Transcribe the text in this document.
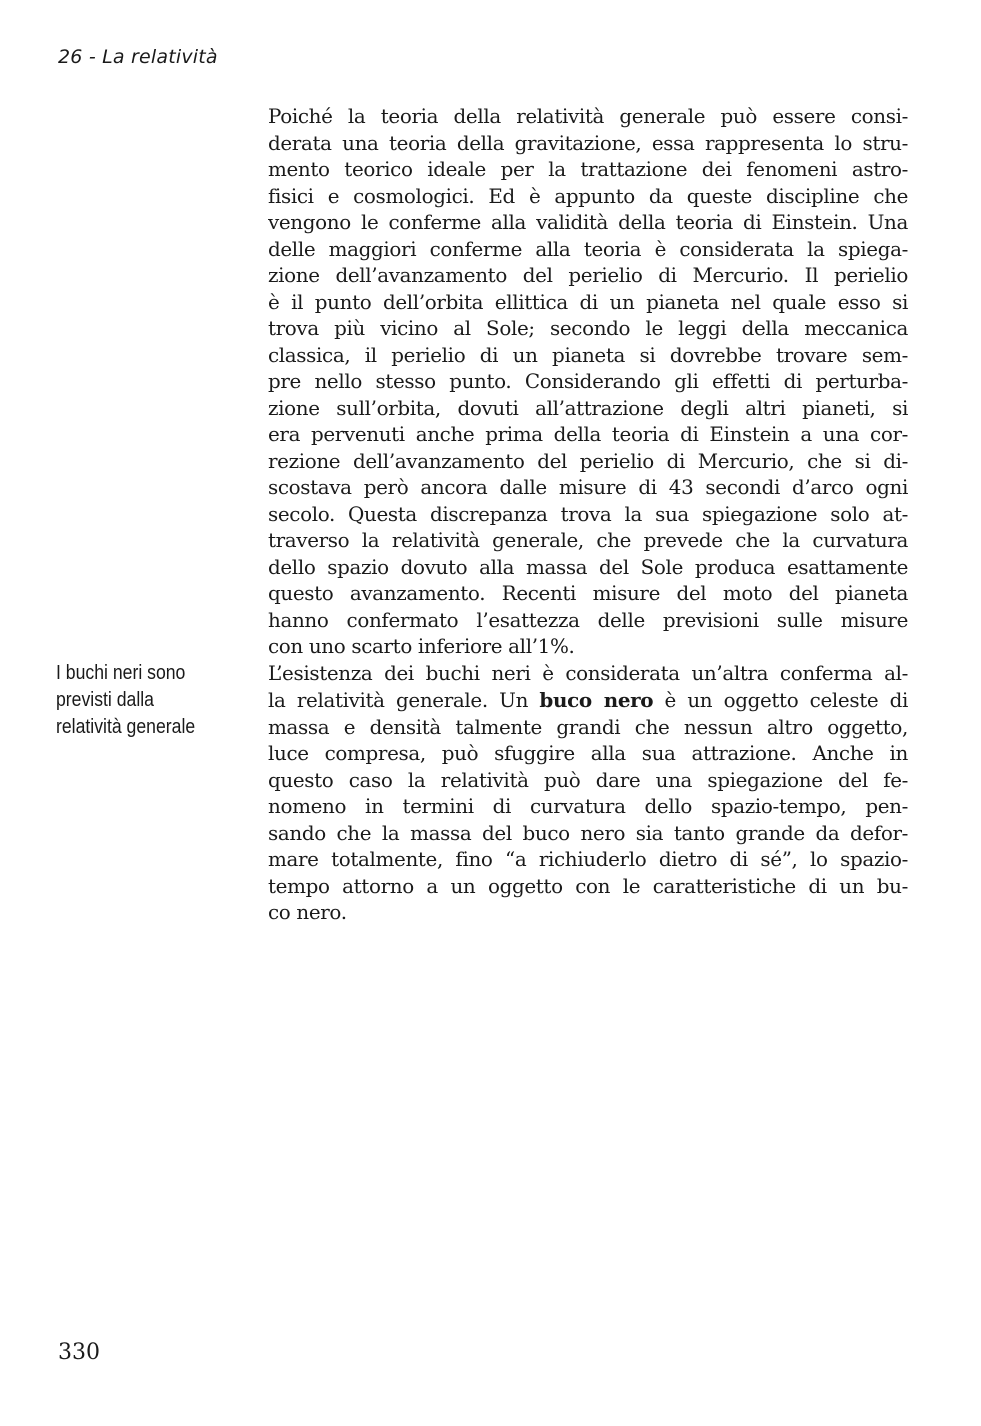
26 - La relatività
I buchi neri sono
previsti dalla
relatività generale
Poiché la teoria della relatività generale può essere consi-
derata una teoria della gravitazione, essa rappresenta lo stru-
mento teorico ideale per la trattazione dei fenomeni astro-
fisici e cosmologici. Ed è appunto da queste discipline che
vengono le conferme alla validità della teoria di Einstein. Una
delle maggiori conferme alla teoria è considerata la spiega-
zione dell’avanzamento del perielio di Mercurio. Il perielio
è il punto dell’orbita ellittica di un pianeta nel quale esso si
trova più vicino al Sole; secondo le leggi della meccanica
classica, il perielio di un pianeta si dovrebbe trovare sem-
pre nello stesso punto. Considerando gli effetti di perturba-
zione sull’orbita, dovuti all’attrazione degli altri pianeti, si
era pervenuti anche prima della teoria di Einstein a una cor-
rezione dell’avanzamento del perielio di Mercurio, che si di-
scostava però ancora dalle misure di 43 secondi d’arco ogni
secolo. Questa discrepanza trova la sua spiegazione solo at-
traverso la relatività generale, che prevede che la curvatura
dello spazio dovuto alla massa del Sole produca esattamente
questo avanzamento. Recenti misure del moto del pianeta
hanno confermato l’esattezza delle previsioni sulle misure
con uno scarto inferiore all’1%.
L’esistenza dei buchi neri è considerata un’altra conferma al-
la relatività generale. Un buco nero è un oggetto celeste di
massa e densità talmente grandi che nessun altro oggetto,
luce compresa, può sfuggire alla sua attrazione. Anche in
questo caso la relatività può dare una spiegazione del fe-
nomeno in termini di curvatura dello spazio-tempo, pen-
sando che la massa del buco nero sia tanto grande da defor-
mare totalmente, fino “a richiuderlo dietro di sé”, lo spazio-
tempo attorno a un oggetto con le caratteristiche di un bu-
co nero.
330
